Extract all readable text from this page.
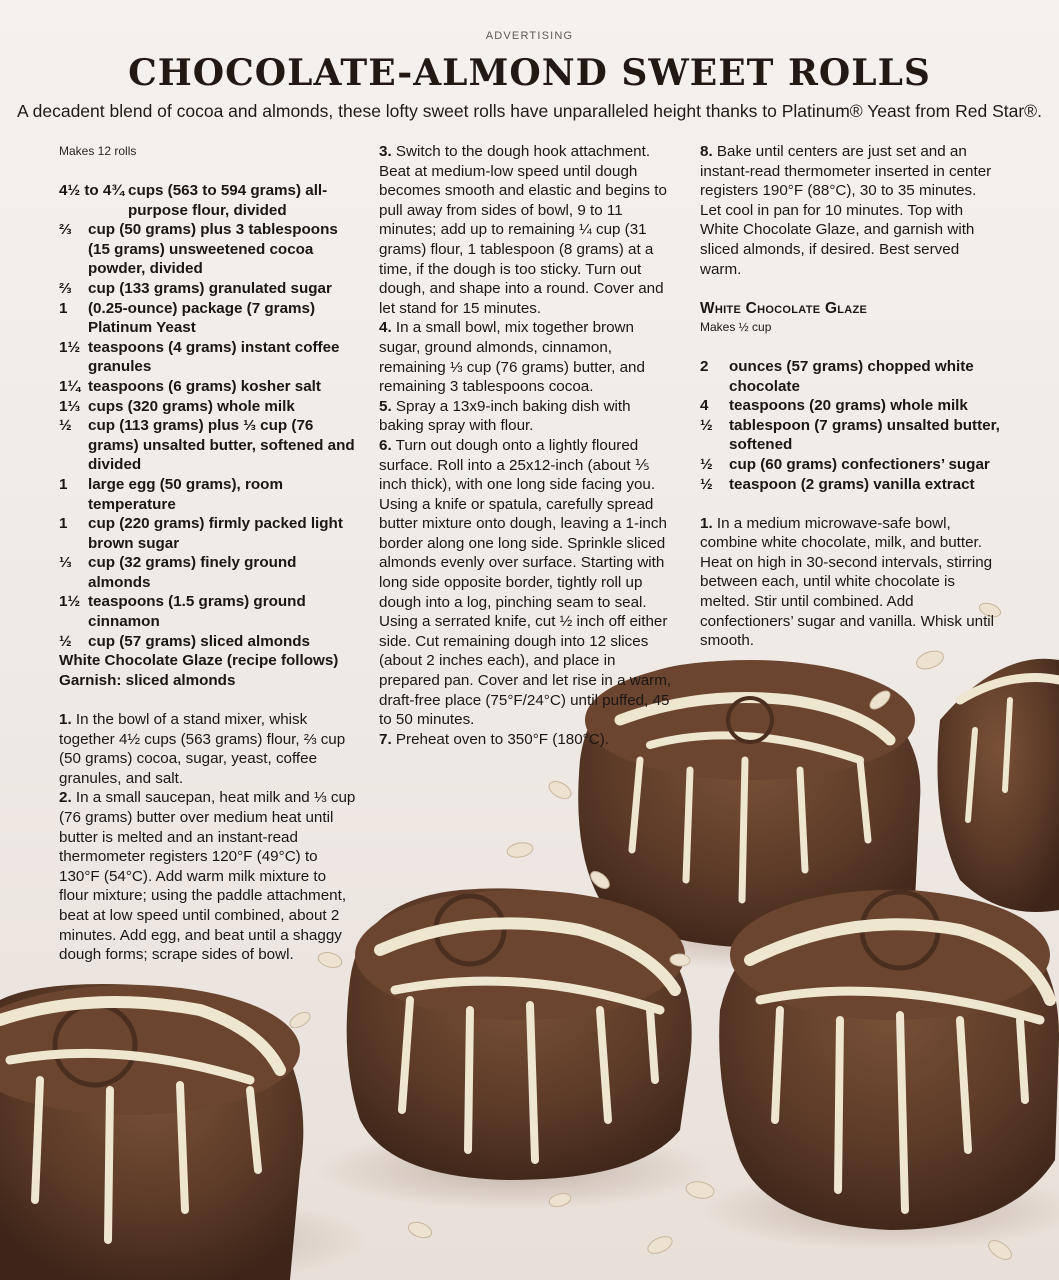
ADVERTISING
CHOCOLATE-ALMOND SWEET ROLLS
A decadent blend of cocoa and almonds, these lofty sweet rolls have unparalleled height thanks to Platinum® Yeast from Red Star®.

Makes 12 rolls

4½ to 4¾ cups (563 to 594 grams) all-purpose flour, divided
⅔	cup (50 grams) plus 3 tablespoons (15 grams) unsweetened cocoa powder, divided
⅔	cup (133 grams) granulated sugar
1	(0.25-ounce) package (7 grams) Platinum Yeast
1½ teaspoons (4 grams) instant coffee granules
1¼ teaspoons (6 grams) kosher salt
1⅓ cups (320 grams) whole milk
½	cup (113 grams) plus ⅓ cup (76 grams) unsalted butter, softened and divided
1	large egg (50 grams), room temperature
1	cup (220 grams) firmly packed light brown sugar
⅓	cup (32 grams) finely ground almonds
1½ teaspoons (1.5 grams) ground cinnamon
½	cup (57 grams) sliced almonds
White Chocolate Glaze (recipe follows)
Garnish: sliced almonds

1. In the bowl of a stand mixer, whisk together 4½ cups (563 grams) flour, ⅔ cup (50 grams) cocoa, sugar, yeast, coffee granules, and salt.

2. In a small saucepan, heat milk and ⅓ cup (76 grams) butter over medium heat until butter is melted and an instant-read thermometer registers 120°F (49°C) to 130°F (54°C). Add warm milk mixture to flour mixture; using the paddle attachment, beat at low speed until combined, about 2 minutes. Add egg, and beat until a shaggy dough forms; scrape sides of bowl.

3. Switch to the dough hook attachment. Beat at medium-low speed until dough becomes smooth and elastic and begins to pull away from sides of bowl, 9 to 11 minutes; add up to remaining ¼ cup (31 grams) flour, 1 tablespoon (8 grams) at a time, if the dough is too sticky. Turn out dough, and shape into a round. Cover and let stand for 15 minutes.

4. In a small bowl, mix together brown sugar, ground almonds, cinnamon, remaining ⅓ cup (76 grams) butter, and remaining 3 tablespoons cocoa.

5. Spray a 13x9-inch baking dish with baking spray with flour.

6. Turn out dough onto a lightly floured surface. Roll into a 25x12-inch (about ⅕ inch thick), with one long side facing you. Using a knife or spatula, carefully spread butter mixture onto dough, leaving a 1-inch border along one long side. Sprinkle sliced almonds evenly over surface. Starting with long side opposite border, tightly roll up dough into a log, pinching seam to seal. Using a serrated knife, cut ½ inch off either side. Cut remaining dough into 12 slices (about 2 inches each), and place in prepared pan. Cover and let rise in a warm, draft-free place (75°F/24°C) until puffed, 45 to 50 minutes.

7. Preheat oven to 350°F (180°C).

8. Bake until centers are just set and an instant-read thermometer inserted in center registers 190°F (88°C), 30 to 35 minutes. Let cool in pan for 10 minutes. Top with White Chocolate Glaze, and garnish with sliced almonds, if desired. Best served warm.

White Chocolate Glaze

Makes ½ cup

2	ounces (57 grams) chopped white chocolate
4	teaspoons (20 grams) whole milk
½	tablespoon (7 grams) unsalted butter, softened
½	cup (60 grams) confectioners’ sugar
½	teaspoon (2 grams) vanilla extract

1. In a medium microwave-safe bowl, combine white chocolate, milk, and butter. Heat on high in 30-second intervals, stirring between each, until white chocolate is melted. Stir until combined. Add confectioners’ sugar and vanilla. Whisk until smooth.
